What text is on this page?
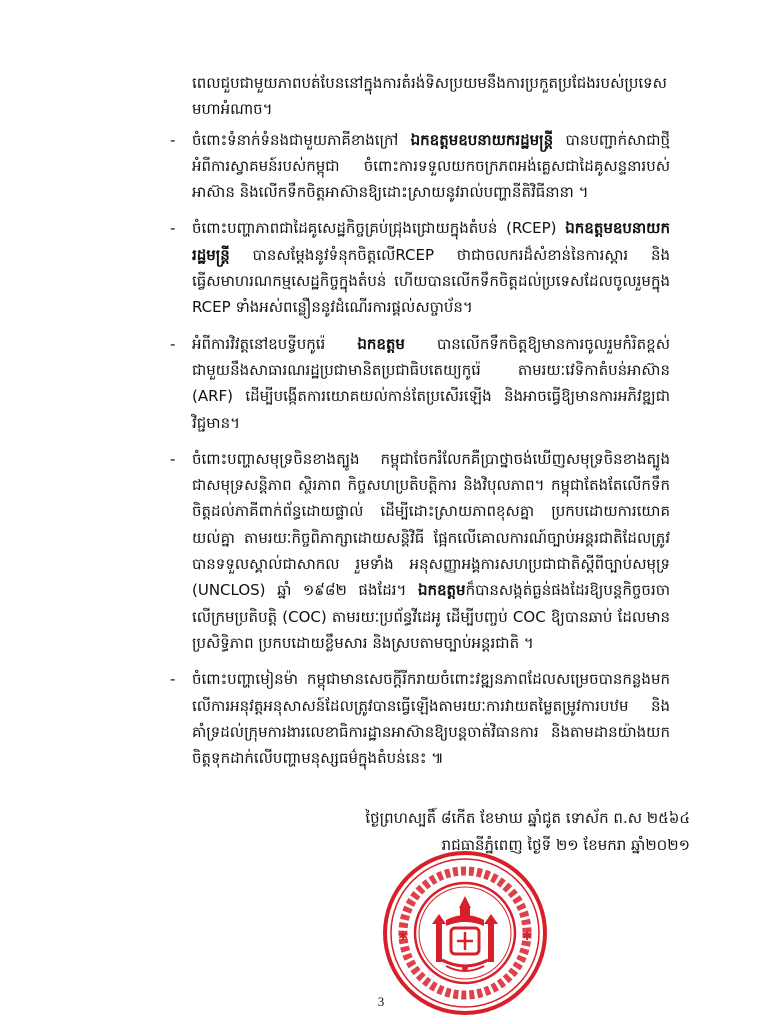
ពេលជួបជាមួយភាពបត់បែននៅក្នុងការតំរង់ទិសប្រយមនឹងការប្រកួតប្រជែងរបស់ប្រទេសមហាអំណាច។

-	ចំពោះទំនាក់ទំនងជាមួយភាគីខាងក្រៅ ឯកឧត្តមឧបនាយករដ្ឋមន្ត្រី បានបញ្ជាក់សាជាថ្មីអំពីការស្វាគមន៍របស់កម្ពុជា ចំពោះការទទួលយកចក្រភពអង់គ្លេសជាដៃគូសន្ទនារបស់អាស៊ាន និងលើកទឹកចិត្តអាស៊ានឱ្យដោះស្រាយនូវរាល់បញ្ហានីតិវិធីនានា ។
-	ចំពោះបញ្ហាភាពជាដៃគូសេដ្ឋកិច្ចគ្រប់ជ្រុងជ្រោយក្នុងតំបន់ (RCEP) ឯកឧត្តមឧបនាយករដ្ឋមន្ត្រី បានសម្តែងនូវទំនុកចិត្តលើRCEP ថាជាចលករដ៏សំខាន់នៃការស្តារ និងធ្វើសមាហរណកម្មសេដ្ឋកិច្ចក្នុងតំបន់ ហើយបានលើកទឹកចិត្តដល់ប្រទេសដែលចូលរួមក្នុង RCEP ទាំងអស់ពន្លឿននូវដំណើរការផ្តល់សច្ចាប័ន។
-	អំពីការវិវត្តនៅឧបទ្វីបកូរ៉េ ឯកឧត្តម បានលើកទឹកចិត្តឱ្យមានការចូលរួមកំរិតខ្ពស់ជាមួយនឹងសាធារណរដ្ឋប្រជាមានិតប្រជាធិបតេយ្យកូរ៉េ តាមរយៈវេទិកាតំបន់អាស៊ាន (ARF) ដើម្បីបង្កើតការយោគយល់កាន់តែប្រសើរឡើង និងអាចធ្វើឱ្យមានការអភិវឌ្ឍជាវិជ្ជមាន។
-	ចំពោះបញ្ហាសមុទ្រចិនខាងត្បូង កម្ពុជាចែករំលែកគឺប្រាថ្នាចង់ឃើញសមុទ្រចិនខាងត្បូង ជាសមុទ្រសន្តិភាព ស្ថិរភាព កិច្ចសហប្រតិបត្តិការ និងវិបុលភាព។ កម្ពុជាតែងតែលើកទឹកចិត្តដល់ភាគីពាក់ព័ន្ធដោយផ្ទាល់ ដើម្បីដោះស្រាយភាពខុសគ្នា ប្រកបដោយការយោគយល់គ្នា តាមរយៈកិច្ចពិភាក្សាដោយសន្តិវិធី ផ្អែកលើគោលការណ៍ច្បាប់អន្តរជាតិដែលត្រូវបានទទួលស្គាល់ជាសាកល រួមទាំង អនុសញ្ញាអង្គការសហប្រជាជាតិស្តីពីច្បាប់សមុទ្រ (UNCLOS) ឆ្នាំ ១៩៨២ ផងដែរ។ ឯកឧត្តមក៏បានសង្កត់ធ្ងន់ផងដែរឱ្យបន្តកិច្ចចរចាលើក្រមប្រតិបត្តិ (COC) តាមរយៈប្រព័ន្ធវីដេអូ ដើម្បីបញ្ចប់ COC ឱ្យបានឆាប់ ដែលមានប្រសិទ្ធិភាព ប្រកបដោយខ្លឹមសារ និងស្របតាមច្បាប់អន្តរជាតិ ។
-	ចំពោះបញ្ហាមៀនម៉ា កម្ពុជាមានសេចក្តីរីករាយចំពោះវឌ្ឍនភាពដែលសម្រេចបានកន្លងមក លើការអនុវត្តអនុសាសន៍ដែលត្រូវបានធ្វើឡើងតាមរយៈការវាយតម្លៃតម្រូវការបឋម និងគាំទ្រដល់ក្រុមការងារលេខាធិការដ្ឋានអាស៊ានឱ្យបន្តចាត់វិធានការ និងតាមដានយ៉ាងយកចិត្តទុកដាក់លើបញ្ហាមនុស្សធម៌ក្នុងតំបន់នេះ ៕
ថ្ងៃព្រហស្បតិ៍ ៨កើត ខែមាឃ ឆ្នាំជូត ទោស័ក ព.ស ២៥៦៤
រាជធានីភ្នំពេញ ថ្ងៃទី ២១ ខែមករា ឆ្នាំ២០២១
✱	✱
3
